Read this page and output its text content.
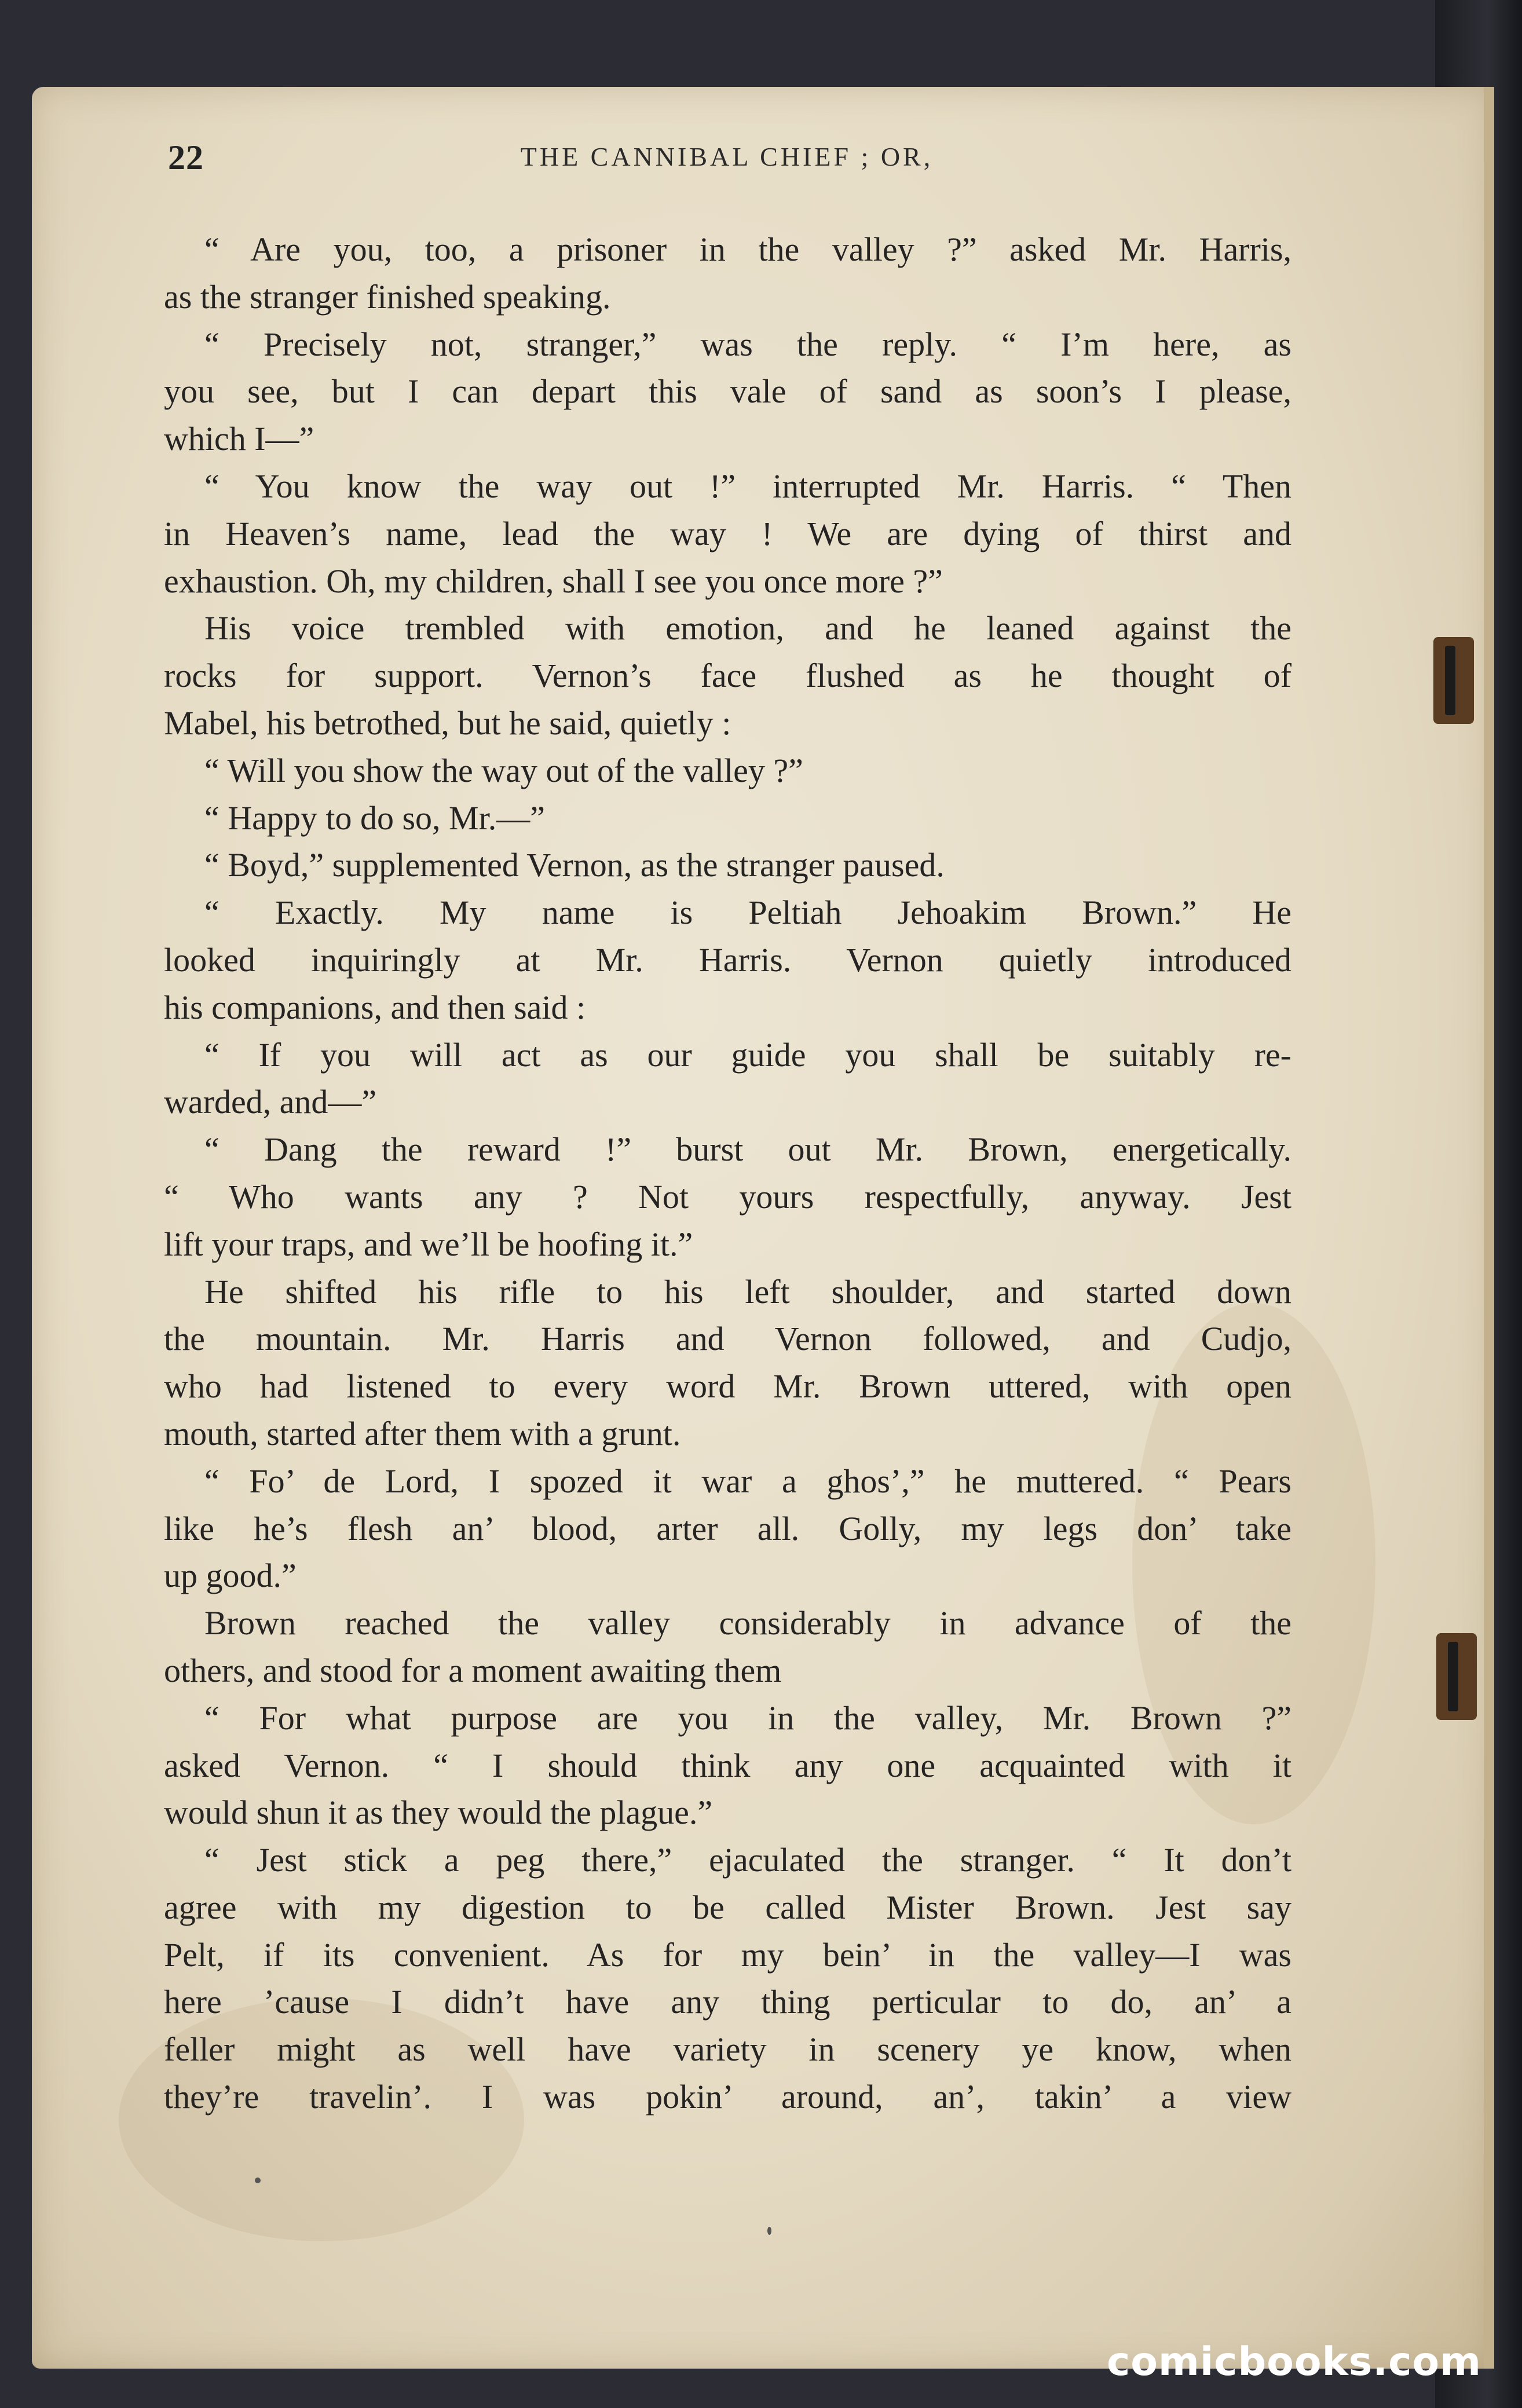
22	THE CANNIBAL CHIEF ; OR,

“ Are you, too, a prisoner in the valley ?” asked Mr. Harris,

as the stranger finished speaking.

“ Precisely not, stranger,” was the reply. “ I’m here, as

you see, but I can depart this vale of sand as soon’s I please,

which I—”

“ You know the way out !” interrupted Mr. Harris. “ Then

in Heaven’s name, lead the way ! We are dying of thirst and

exhaustion. Oh, my children, shall I see you once more ?”

His voice trembled with emotion, and he leaned against the

rocks for support. Vernon’s face flushed as he thought of

Mabel, his betrothed, but he said, quietly :

“ Will you show the way out of the valley ?”

“ Happy to do so, Mr.—”

“ Boyd,” supplemented Vernon, as the stranger paused.

“ Exactly. My name is Peltiah Jehoakim Brown.” He

looked inquiringly at Mr. Harris. Vernon quietly introduced

his companions, and then said :

“ If you will act as our guide you shall be suitably re-

warded, and—”

“ Dang the reward !” burst out Mr. Brown, energetically.

“ Who wants any ? Not yours respectfully, anyway. Jest

lift your traps, and we’ll be hoofing it.”

He shifted his rifle to his left shoulder, and started down

the mountain. Mr. Harris and Vernon followed, and Cudjo,

who had listened to every word Mr. Brown uttered, with open

mouth, started after them with a grunt.

“ Fo’ de Lord, I spozed it war a ghos’,” he muttered. “ Pears

like he’s flesh an’ blood, arter all. Golly, my legs don’ take

up good.”

Brown reached the valley considerably in advance of the

others, and stood for a moment awaiting them

“ For what purpose are you in the valley, Mr. Brown ?”

asked Vernon. “ I should think any one acquainted with it

would shun it as they would the plague.”

“ Jest stick a peg there,” ejaculated the stranger. “ It don’t

agree with my digestion to be called Mister Brown. Jest say

Pelt, if its convenient. As for my bein’ in the valley—I was

here ’cause I didn’t have any thing perticular to do, an’ a

feller might as well have variety in scenery ye know, when

they’re travelin’. I was pokin’ around, an’, takin’ a view

comicbooks.com
